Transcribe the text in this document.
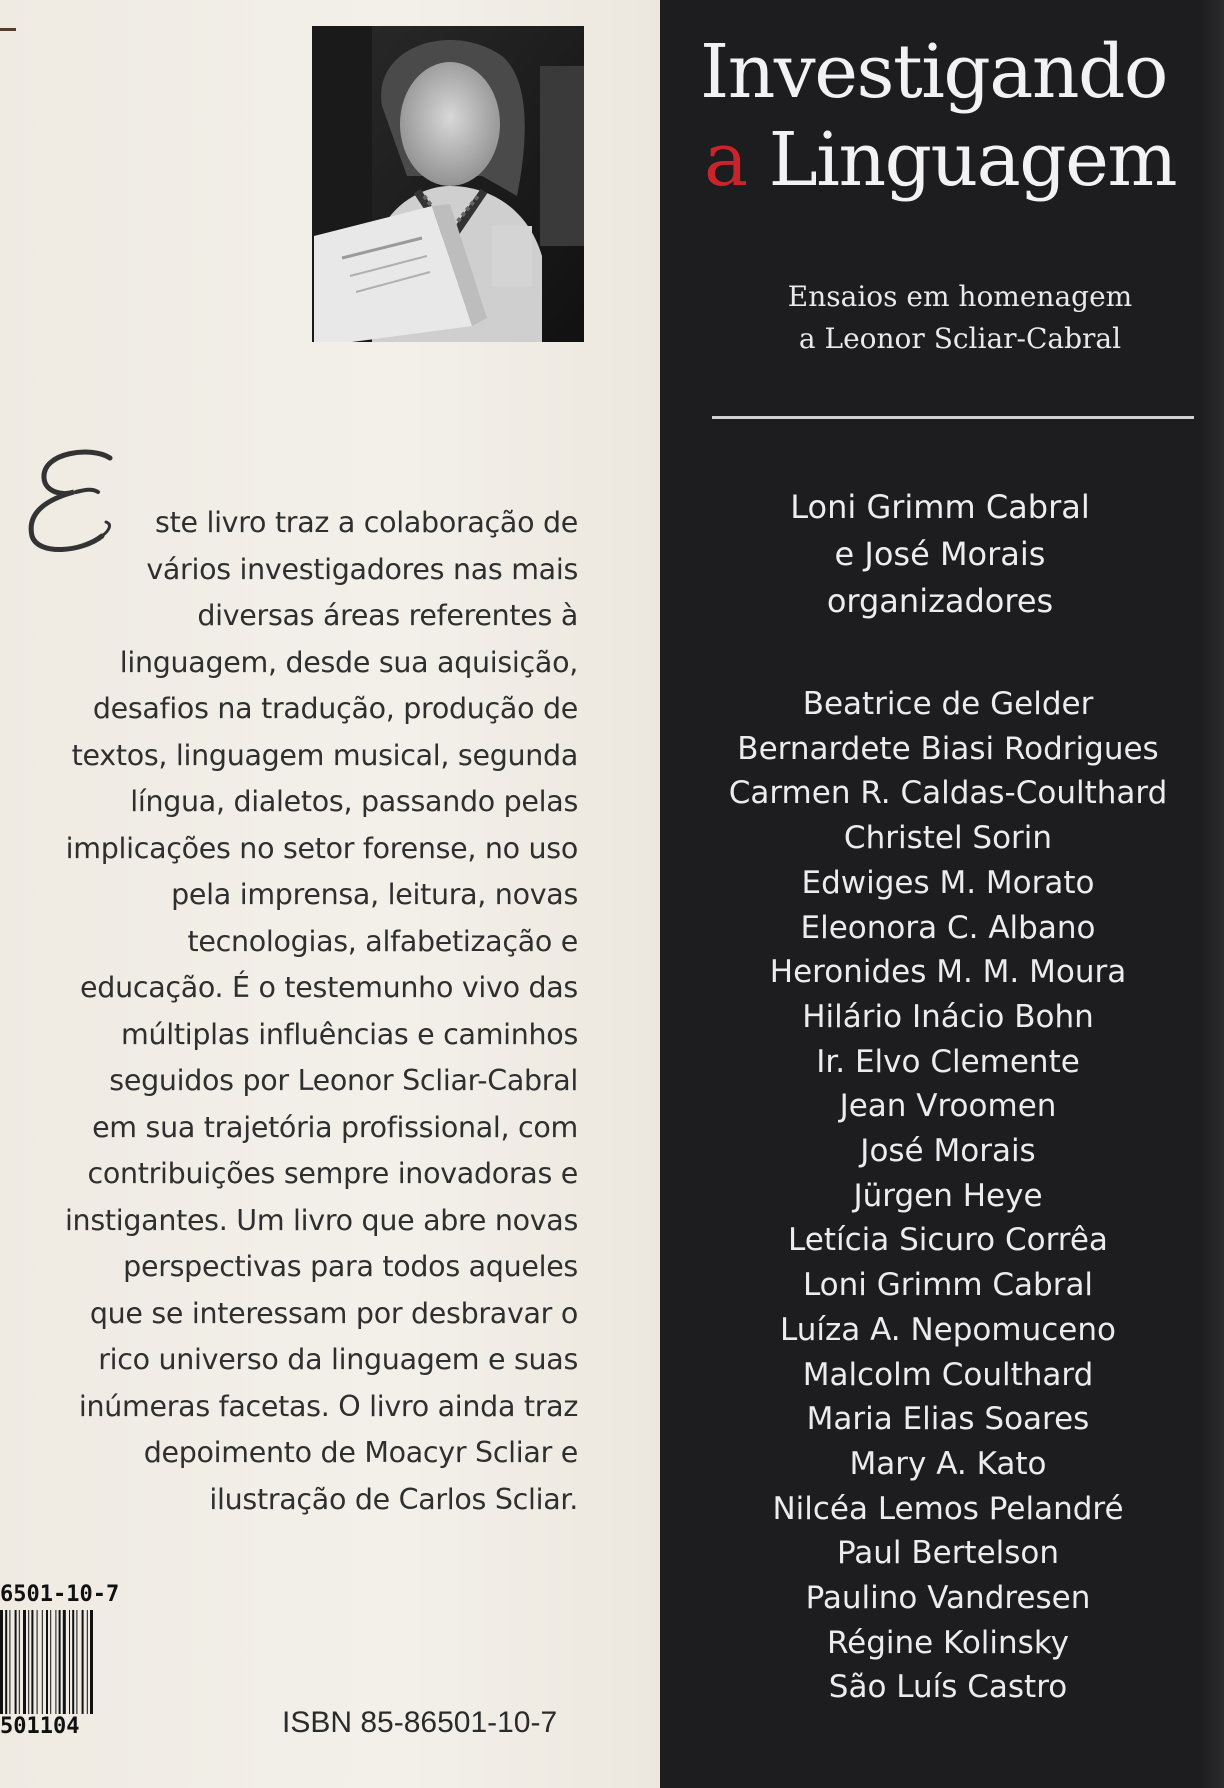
ste livro traz a colaboração de
vários investigadores nas mais
diversas áreas referentes à
linguagem, desde sua aquisição,
desafios na tradução, produção de
textos, linguagem musical, segunda
língua, dialetos, passando pelas
implicações no setor forense, no uso
pela imprensa, leitura, novas
tecnologias, alfabetização e
educação. É o testemunho vivo das
múltiplas influências e caminhos
seguidos por Leonor Scliar-Cabral
em sua trajetória profissional, com
contribuições sempre inovadoras e
instigantes. Um livro que abre novas
perspectivas para todos aqueles
que se interessam por desbravar o
rico universo da linguagem e suas
inúmeras facetas. O livro ainda traz
depoimento de Moacyr Scliar e
ilustração de Carlos Scliar.
6501-10-7
501104	ISBN 85-86501-10-7
Investigando
a Linguagem
Ensaios em homenagem
a Leonor Scliar-Cabral
Loni Grimm Cabral
e José Morais
organizadores
Beatrice de Gelder
Bernardete Biasi Rodrigues
Carmen R. Caldas-Coulthard
Christel Sorin
Edwiges M. Morato
Eleonora C. Albano
Heronides M. M. Moura
Hilário Inácio Bohn
Ir. Elvo Clemente
Jean Vroomen
José Morais
Jürgen Heye
Letícia Sicuro Corrêa
Loni Grimm Cabral
Luíza A. Nepomuceno
Malcolm Coulthard
Maria Elias Soares
Mary A. Kato
Nilcéa Lemos Pelandré
Paul Bertelson
Paulino Vandresen
Régine Kolinsky
São Luís Castro
